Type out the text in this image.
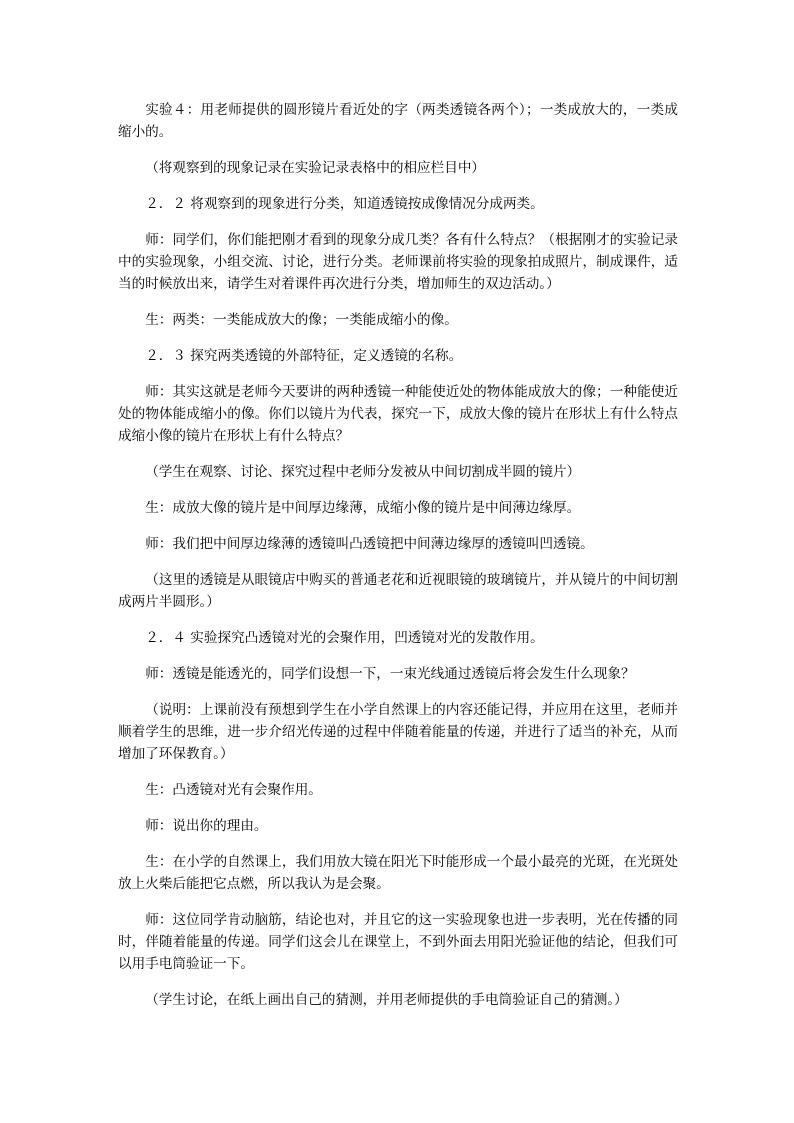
实验４：用老师提供的圆形镜片看近处的字（两类透镜各两个）；一类成放大的，一类成缩小的。

（将观察到的现象记录在实验记录表格中的相应栏目中）

２．２ 将观察到的现象进行分类，知道透镜按成像情况分成两类。

师：同学们，你们能把刚才看到的现象分成几类？各有什么特点？（根据刚才的实验记录中的实验现象，小组交流、讨论，进行分类。老师课前将实验的现象拍成照片，制成课件，适当的时候放出来，请学生对着课件再次进行分类，增加师生的双边活动。）

生：两类：一类能成放大的像；一类能成缩小的像。

２．３ 探究两类透镜的外部特征，定义透镜的名称。

师：其实这就是老师今天要讲的两种透镜一种能使近处的物体能成放大的像；一种能使近处的物体能成缩小的像。你们以镜片为代表，探究一下，成放大像的镜片在形状上有什么特点成缩小像的镜片在形状上有什么特点？

（学生在观察、讨论、探究过程中老师分发被从中间切割成半圆的镜片）

生：成放大像的镜片是中间厚边缘薄，成缩小像的镜片是中间薄边缘厚。

师：我们把中间厚边缘薄的透镜叫凸透镜把中间薄边缘厚的透镜叫凹透镜。

（这里的透镜是从眼镜店中购买的普通老花和近视眼镜的玻璃镜片，并从镜片的中间切割成两片半圆形。）

２．４ 实验探究凸透镜对光的会聚作用，凹透镜对光的发散作用。

师：透镜是能透光的，同学们设想一下，一束光线通过透镜后将会发生什么现象？

（说明：上课前没有预想到学生在小学自然课上的内容还能记得，并应用在这里，老师并顺着学生的思维，进一步介绍光传递的过程中伴随着能量的传递，并进行了适当的补充，从而增加了环保教育。）

生：凸透镜对光有会聚作用。

师：说出你的理由。

生：在小学的自然课上，我们用放大镜在阳光下时能形成一个最小最亮的光斑，在光斑处放上火柴后能把它点燃，所以我认为是会聚。

师：这位同学肯动脑筋，结论也对，并且它的这一实验现象也进一步表明，光在传播的同时，伴随着能量的传递。同学们这会儿在课堂上，不到外面去用阳光验证他的结论，但我们可以用手电筒验证一下。

（学生讨论，在纸上画出自己的猜测，并用老师提供的手电筒验证自己的猜测。）
